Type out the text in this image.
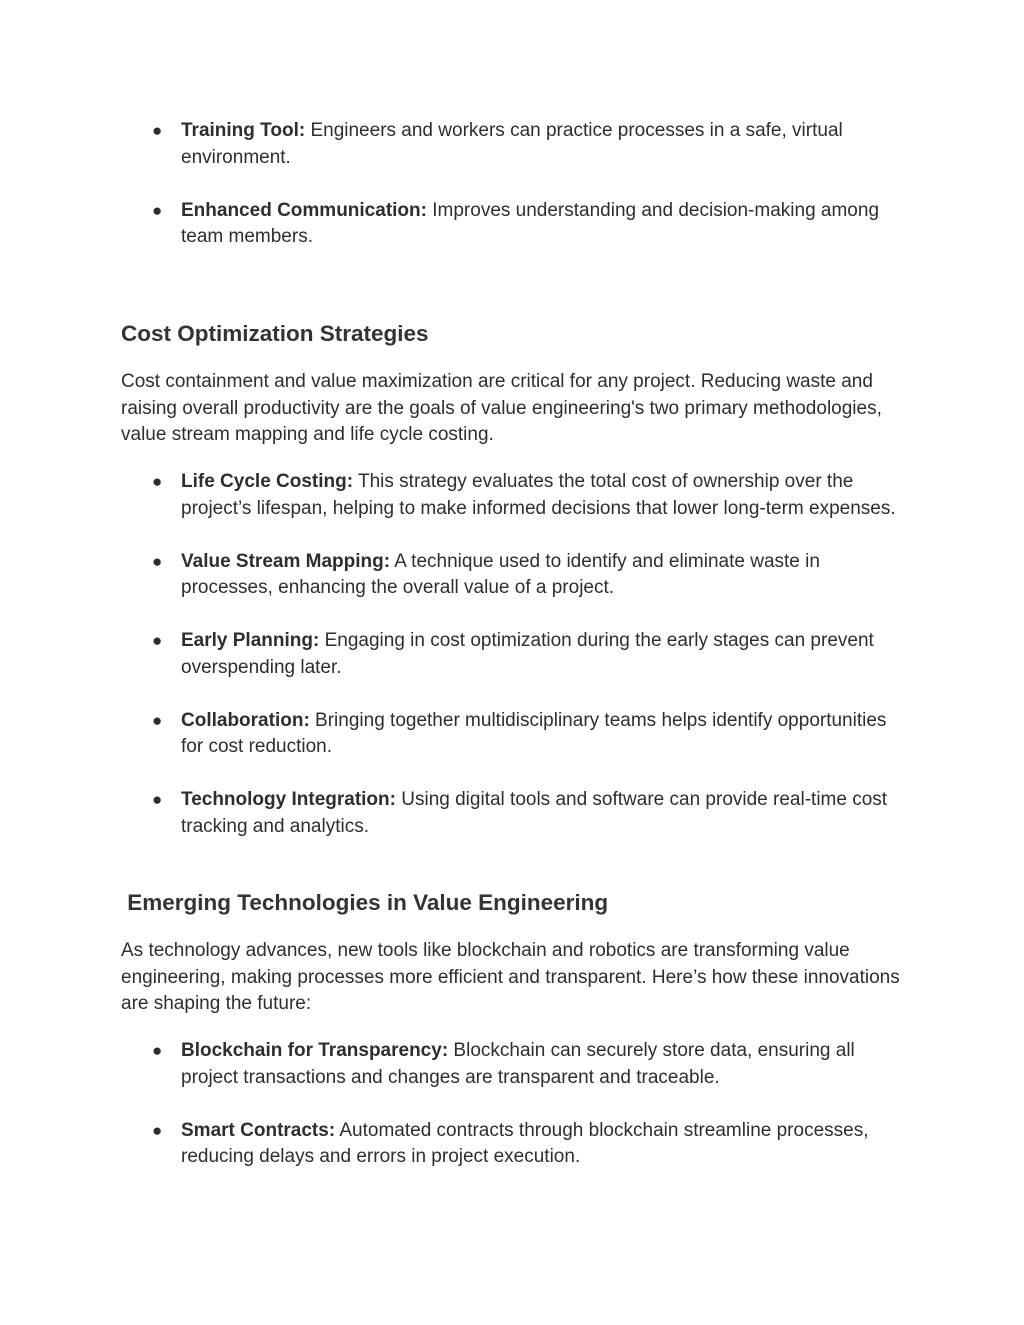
● Training Tool: Engineers and workers can practice processes in a safe, virtual environment.
● Enhanced Communication: Improves understanding and decision-making among team members.
Cost Optimization Strategies

Cost containment and value maximization are critical for any project. Reducing waste and raising overall productivity are the goals of value engineering's two primary methodologies, value stream mapping and life cycle costing.

● Life Cycle Costing: This strategy evaluates the total cost of ownership over the project’s lifespan, helping to make informed decisions that lower long-term expenses.
● Value Stream Mapping: A technique used to identify and eliminate waste in processes, enhancing the overall value of a project.
● Early Planning: Engaging in cost optimization during the early stages can prevent overspending later.
● Collaboration: Bringing together multidisciplinary teams helps identify opportunities for cost reduction.
● Technology Integration: Using digital tools and software can provide real-time cost tracking and analytics.
Emerging Technologies in Value Engineering

As technology advances, new tools like blockchain and robotics are transforming value engineering, making processes more efficient and transparent. Here’s how these innovations are shaping the future:

● Blockchain for Transparency: Blockchain can securely store data, ensuring all project transactions and changes are transparent and traceable.
● Smart Contracts: Automated contracts through blockchain streamline processes, reducing delays and errors in project execution.
